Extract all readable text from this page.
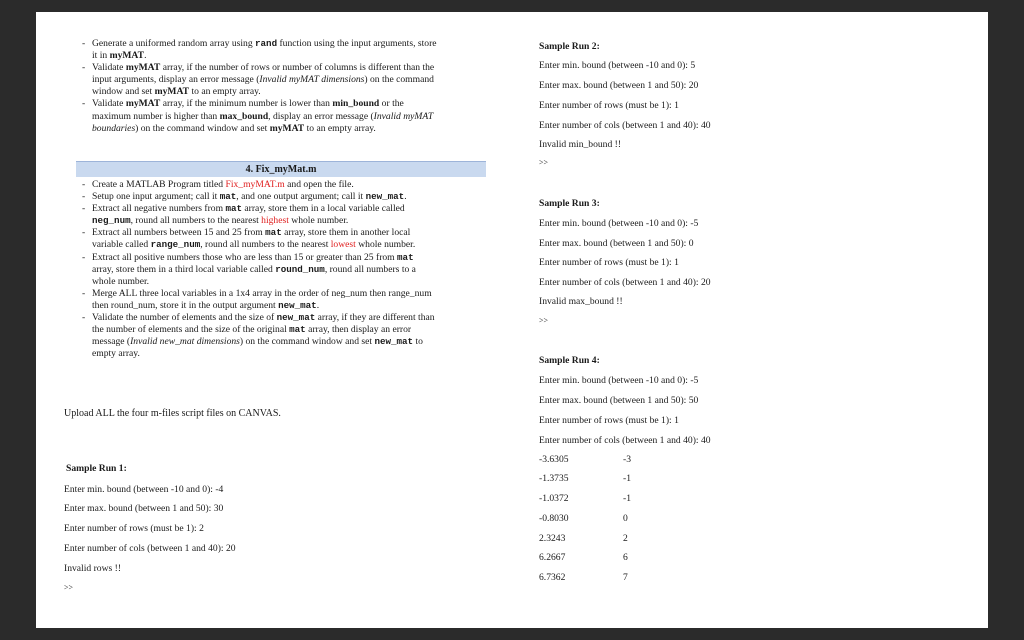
- Generate a uniformed random array using rand function using the input arguments, store

it in myMAT.

- Validate myMAT array, if the number of rows or number of columns is different than the

input arguments, display an error message (Invalid myMAT dimensions) on the command

window and set myMAT to an empty array.

- Validate myMAT array, if the minimum number is lower than min_bound or the

maximum number is higher than max_bound, display an error message (Invalid myMAT

boundaries) on the command window and set myMAT to an empty array.

4. Fix_myMat.m
- Create a MATLAB Program titled Fix_myMAT.m and open the file.

- Setup one input argument; call it mat, and one output argument; call it new_mat.

- Extract all negative numbers from mat array, store them in a local variable called

neg_num, round all numbers to the nearest highest whole number.

- Extract all numbers between 15 and 25 from mat array, store them in another local

variable called range_num, round all numbers to the nearest lowest whole number.

- Extract all positive numbers those who are less than 15 or greater than 25 from mat

array, store them in a third local variable called round_num, round all numbers to a

whole number.

- Merge ALL three local variables in a 1x4 array in the order of neg_num then range_num

then round_num, store it in the output argument new_mat.

- Validate the number of elements and the size of new_mat array, if they are different than

the number of elements and the size of the original mat array, then display an error

message (Invalid new_mat dimensions) on the command window and set new_mat to

empty array.

Upload ALL the four m-files script files on CANVAS.
Sample Run 1:
Enter min. bound (between -10 and 0): -4
Enter max. bound (between 1 and 50): 30
Enter number of rows (must be 1): 2
Enter number of cols (between 1 and 40): 20
Invalid rows !!
>>
Sample Run 2:
Enter min. bound (between -10 and 0): 5
Enter max. bound (between 1 and 50): 20
Enter number of rows (must be 1): 1
Enter number of cols (between 1 and 40): 40
Invalid min_bound !!
>>
Sample Run 3:
Enter min. bound (between -10 and 0): -5
Enter max. bound (between 1 and 50): 0
Enter number of rows (must be 1): 1
Enter number of cols (between 1 and 40): 20
Invalid max_bound !!
>>
Sample Run 4:
Enter min. bound (between -10 and 0): -5
Enter max. bound (between 1 and 50): 50
Enter number of rows (must be 1): 1
Enter number of cols (between 1 and 40): 40
-3.6305	-3
-1.3735	-1
-1.0372	-1
-0.8030	0
2.3243	2
6.2667	6
6.7362	7
